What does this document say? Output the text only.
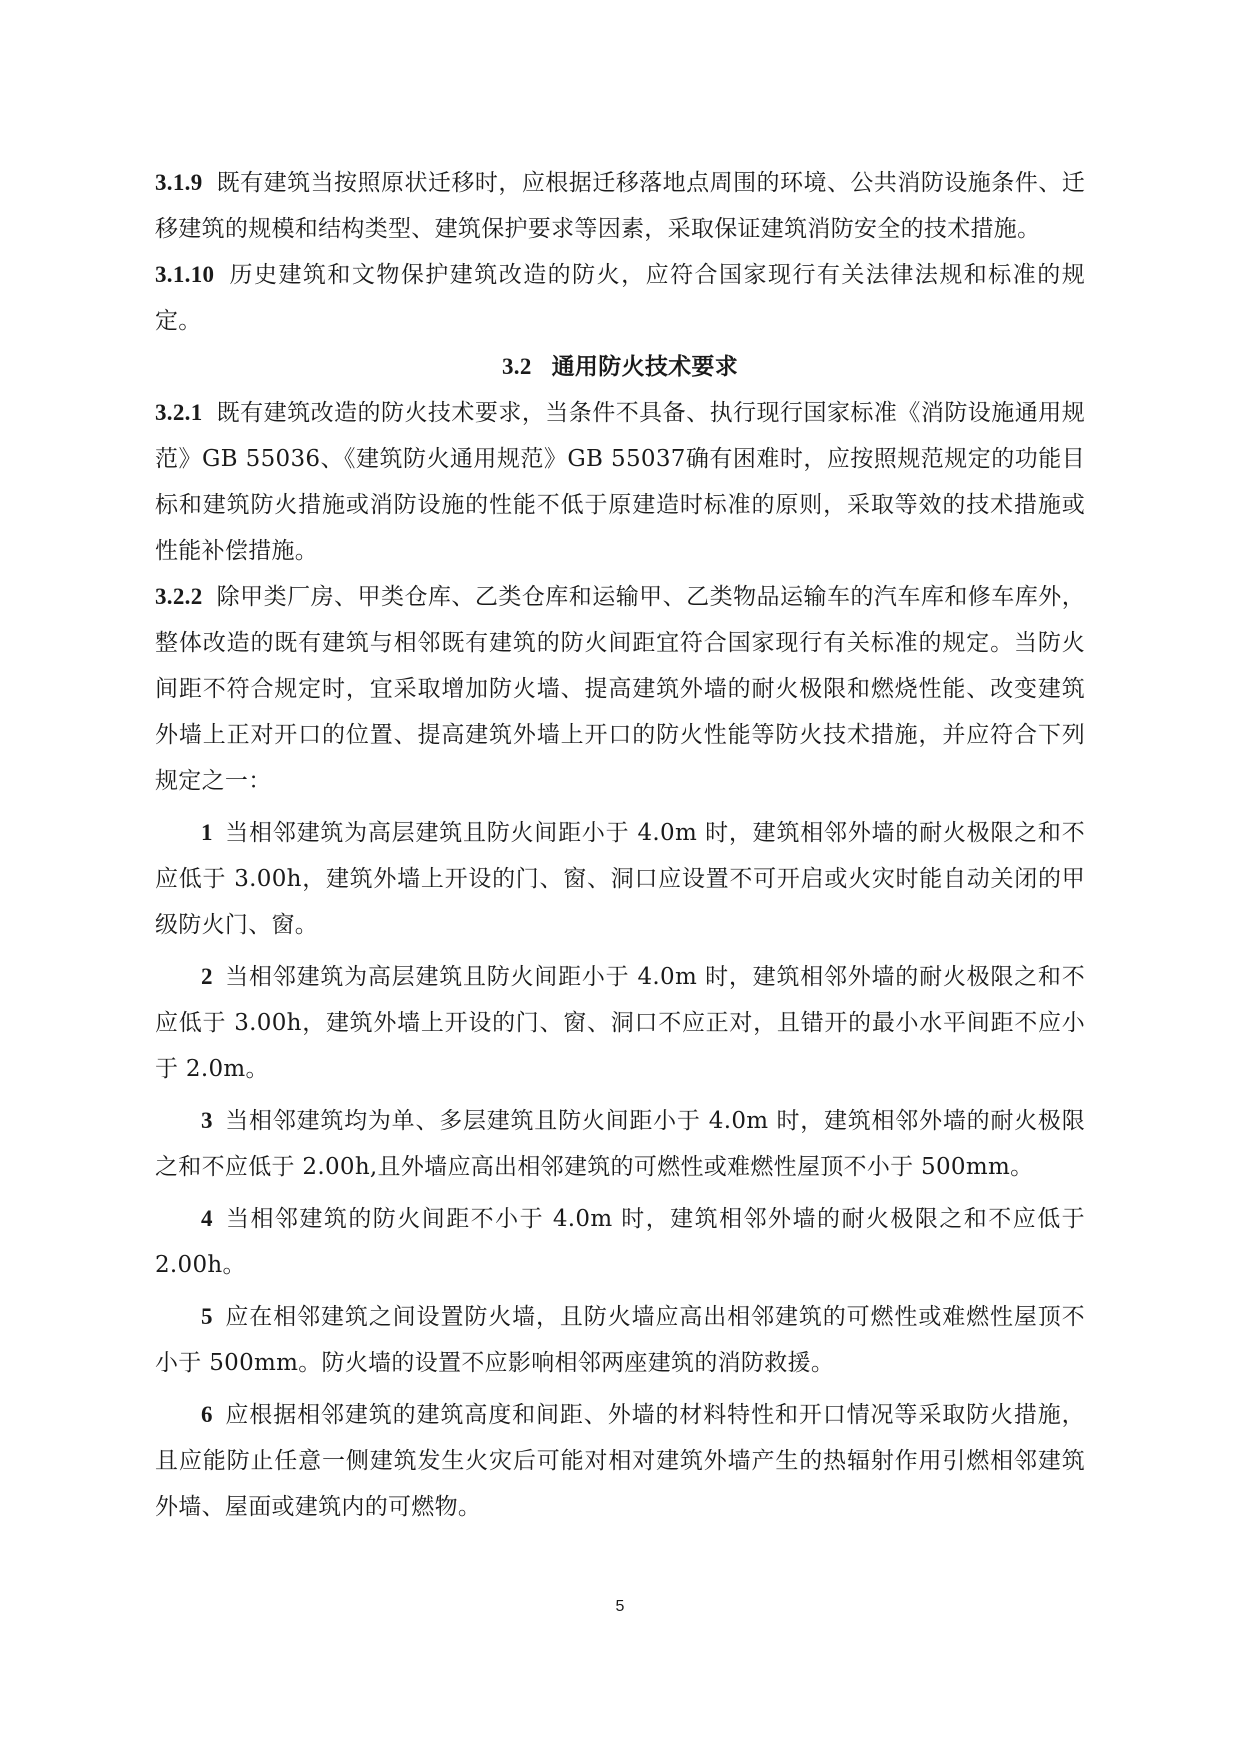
3.1.9 既有建筑当按照原状迁移时，应根据迁移落地点周围的环境、公共消防设施条件、迁移建筑的规模和结构类型、建筑保护要求等因素，采取保证建筑消防安全的技术措施。

3.1.10 历史建筑和文物保护建筑改造的防火，应符合国家现行有关法律法规和标准的规定。

3.2 通用防火技术要求

3.2.1 既有建筑改造的防火技术要求，当条件不具备、执行现行国家标准《消防设施通用规范》GB 55036、《建筑防火通用规范》GB 55037确有困难时，应按照规范规定的功能目标和建筑防火措施或消防设施的性能不低于原建造时标准的原则，采取等效的技术措施或性能补偿措施。

3.2.2 除甲类厂房、甲类仓库、乙类仓库和运输甲、乙类物品运输车的汽车库和修车库外，整体改造的既有建筑与相邻既有建筑的防火间距宜符合国家现行有关标准的规定。当防火间距不符合规定时，宜采取增加防火墙、提高建筑外墙的耐火极限和燃烧性能、改变建筑外墙上正对开口的位置、提高建筑外墙上开口的防火性能等防火技术措施，并应符合下列规定之一：

1 当相邻建筑为高层建筑且防火间距小于 4.0m 时，建筑相邻外墙的耐火极限之和不应低于 3.00h，建筑外墙上开设的门、窗、洞口应设置不可开启或火灾时能自动关闭的甲级防火门、窗。

2 当相邻建筑为高层建筑且防火间距小于 4.0m 时，建筑相邻外墙的耐火极限之和不应低于 3.00h，建筑外墙上开设的门、窗、洞口不应正对，且错开的最小水平间距不应小于 2.0m。

3 当相邻建筑均为单、多层建筑且防火间距小于 4.0m 时，建筑相邻外墙的耐火极限之和不应低于 2.00h,且外墙应高出相邻建筑的可燃性或难燃性屋顶不小于 500mm。

4 当相邻建筑的防火间距不小于 4.0m 时，建筑相邻外墙的耐火极限之和不应低于 2.00h。

5 应在相邻建筑之间设置防火墙，且防火墙应高出相邻建筑的可燃性或难燃性屋顶不小于 500mm。防火墙的设置不应影响相邻两座建筑的消防救援。

6 应根据相邻建筑的建筑高度和间距、外墙的材料特性和开口情况等采取防火措施，且应能防止任意一侧建筑发生火灾后可能对相对建筑外墙产生的热辐射作用引燃相邻建筑外墙、屋面或建筑内的可燃物。

5
